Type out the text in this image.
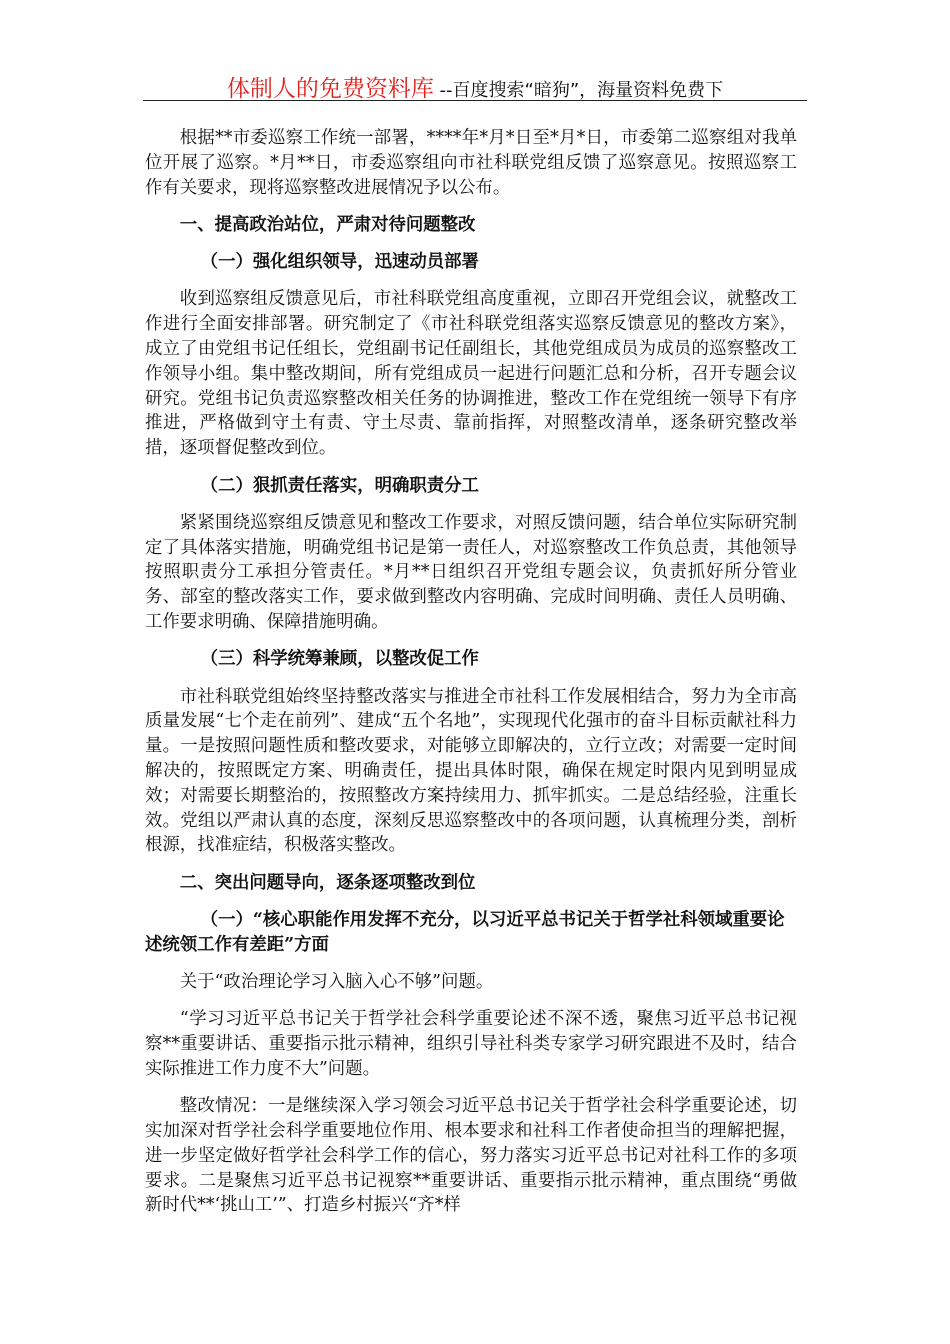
体制人的免费资料库 --百度搜索“暗狗”，海量资料免费下

根据**市委巡察工作统一部署，****年*月*日至*月*日，市委第二巡察组对我单位开展了巡察。*月**日，市委巡察组向市社科联党组反馈了巡察意见。按照巡察工作有关要求，现将巡察整改进展情况予以公布。

一、提高政治站位，严肃对待问题整改
（一）强化组织领导，迅速动员部署

收到巡察组反馈意见后，市社科联党组高度重视，立即召开党组会议，就整改工作进行全面安排部署。研究制定了《市社科联党组落实巡察反馈意见的整改方案》，成立了由党组书记任组长，党组副书记任副组长，其他党组成员为成员的巡察整改工作领导小组。集中整改期间，所有党组成员一起进行问题汇总和分析，召开专题会议研究。党组书记负责巡察整改相关任务的协调推进，整改工作在党组统一领导下有序推进，严格做到守土有责、守土尽责、靠前指挥，对照整改清单，逐条研究整改举措，逐项督促整改到位。

（二）狠抓责任落实，明确职责分工

紧紧围绕巡察组反馈意见和整改工作要求，对照反馈问题，结合单位实际研究制定了具体落实措施，明确党组书记是第一责任人，对巡察整改工作负总责，其他领导按照职责分工承担分管责任。*月**日组织召开党组专题会议，负责抓好所分管业务、部室的整改落实工作，要求做到整改内容明确、完成时间明确、责任人员明确、工作要求明确、保障措施明确。

（三）科学统筹兼顾，以整改促工作

市社科联党组始终坚持整改落实与推进全市社科工作发展相结合，努力为全市高质量发展“七个走在前列”、建成“五个名地”，实现现代化强市的奋斗目标贡献社科力量。一是按照问题性质和整改要求，对能够立即解决的，立行立改；对需要一定时间解决的，按照既定方案、明确责任，提出具体时限，确保在规定时限内见到明显成效；对需要长期整治的，按照整改方案持续用力、抓牢抓实。二是总结经验，注重长效。党组以严肃认真的态度，深刻反思巡察整改中的各项问题，认真梳理分类，剖析根源，找准症结，积极落实整改。

二、突出问题导向，逐条逐项整改到位
（一）“核心职能作用发挥不充分，以习近平总书记关于哲学社科领域重要论述统领工作有差距”方面

关于“政治理论学习入脑入心不够”问题。

“学习习近平总书记关于哲学社会科学重要论述不深不透，聚焦习近平总书记视察**重要讲话、重要指示批示精神，组织引导社科类专家学习研究跟进不及时，结合实际推进工作力度不大”问题。

整改情况：一是继续深入学习领会习近平总书记关于哲学社会科学重要论述，切实加深对哲学社会科学重要地位作用、根本要求和社科工作者使命担当的理解把握，进一步坚定做好哲学社会科学工作的信心，努力落实习近平总书记对社科工作的多项要求。二是聚焦习近平总书记视察**重要讲话、重要指示批示精神，重点围绕“勇做新时代**‘挑山工’”、打造乡村振兴“齐*样
